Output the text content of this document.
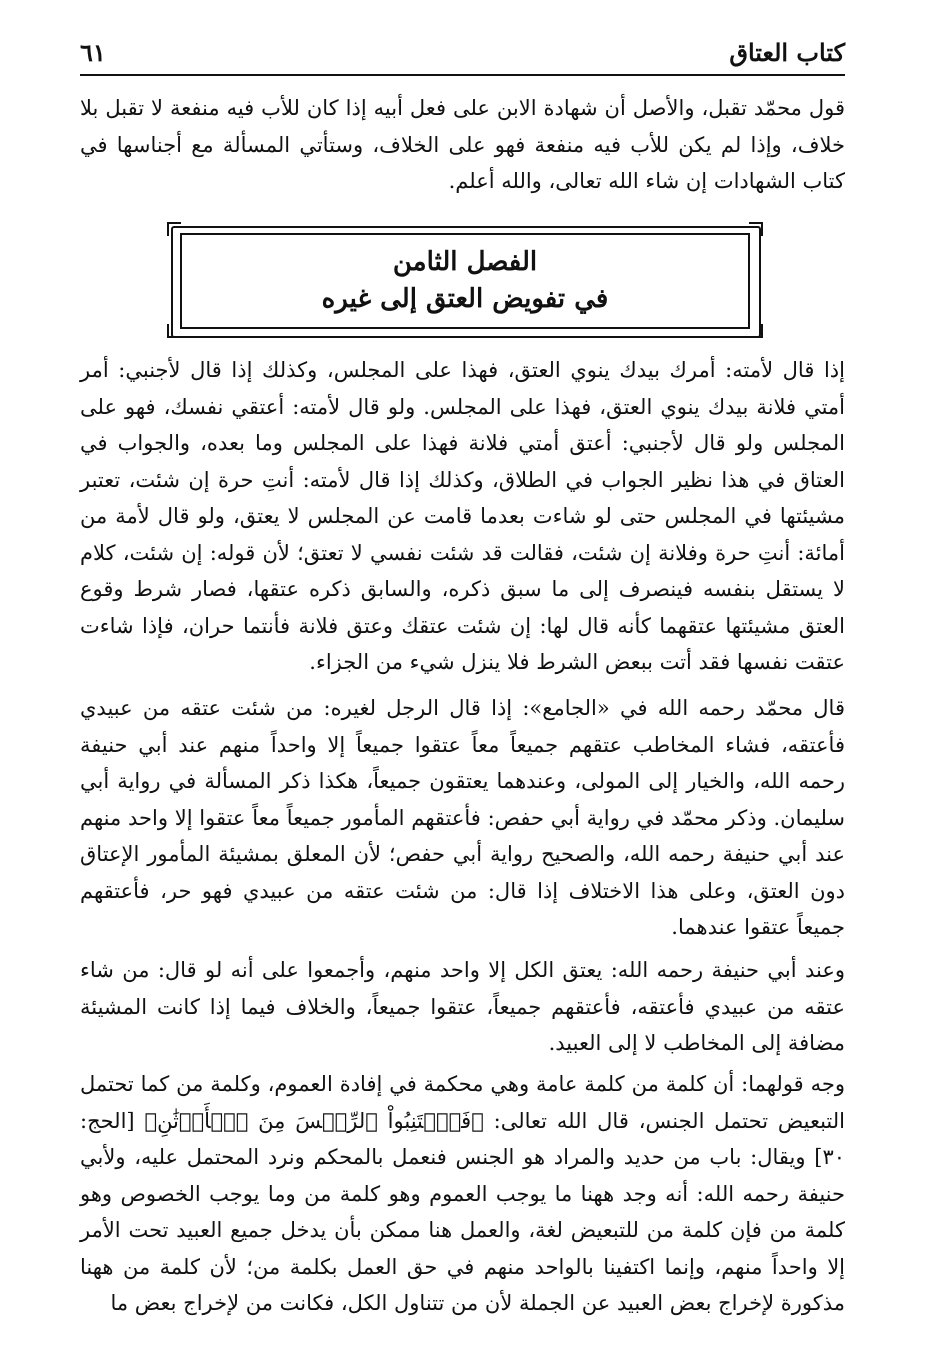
كتاب العتاق
٦١

قول محمّد تقبل، والأصل أن شهادة الابن على فعل أبيه إذا كان للأب فيه منفعة لا تقبل بلا خلاف، وإذا لم يكن للأب فيه منفعة فهو على الخلاف، وستأتي المسألة مع أجناسها في كتاب الشهادات إن شاء الله تعالى، والله أعلم.

الفصل الثامن
في تفويض العتق إلى غيره

إذا قال لأمته: أمرك بيدك ينوي العتق، فهذا على المجلس، وكذلك إذا قال لأجنبي: أمر أمتي فلانة بيدك ينوي العتق، فهذا على المجلس. ولو قال لأمته: أعتقي نفسك، فهو على المجلس ولو قال لأجنبي: أعتق أمتي فلانة فهذا على المجلس وما بعده، والجواب في العتاق في هذا نظير الجواب في الطلاق، وكذلك إذا قال لأمته: أنتِ حرة إن شئت، تعتبر مشيئتها في المجلس حتى لو شاءت بعدما قامت عن المجلس لا يعتق، ولو قال لأمة من أمائة: أنتِ حرة وفلانة إن شئت، فقالت قد شئت نفسي لا تعتق؛ لأن قوله: إن شئت، كلام لا يستقل بنفسه فينصرف إلى ما سبق ذكره، والسابق ذكره عتقها، فصار شرط وقوع العتق مشيئتها عتقهما كأنه قال لها: إن شئت عتقك وعتق فلانة فأنتما حران، فإذا شاءت عتقت نفسها فقد أتت ببعض الشرط فلا ينزل شيء من الجزاء.

قال محمّد رحمه الله في «الجامع»: إذا قال الرجل لغيره: من شئت عتقه من عبيدي فأعتقه، فشاء المخاطب عتقهم جميعاً معاً عتقوا جميعاً إلا واحداً منهم عند أبي حنيفة رحمه الله، والخيار إلى المولى، وعندهما يعتقون جميعاً، هكذا ذكر المسألة في رواية أبي سليمان. وذكر محمّد في رواية أبي حفص: فأعتقهم المأمور جميعاً معاً عتقوا إلا واحد منهم عند أبي حنيفة رحمه الله، والصحيح رواية أبي حفص؛ لأن المعلق بمشيئة المأمور الإعتاق دون العتق، وعلى هذا الاختلاف إذا قال: من شئت عتقه من عبيدي فهو حر، فأعتقهم جميعاً عتقوا عندهما.

وعند أبي حنيفة رحمه الله: يعتق الكل إلا واحد منهم، وأجمعوا على أنه لو قال: من شاء عتقه من عبيدي فأعتقه، فأعتقهم جميعاً، عتقوا جميعاً، والخلاف فيما إذا كانت المشيئة مضافة إلى المخاطب لا إلى العبيد.

وجه قولهما: أن كلمة من كلمة عامة وهي محكمة في إفادة العموم، وكلمة من كما تحتمل التبعيض تحتمل الجنس، قال الله تعالى: ﴿فَٱجۡتَنِبُواْ ٱلرِّجۡسَ مِنَ ٱلۡأَوۡثَٰنِ﴾ [الحج: ٣٠] ويقال: باب من حديد والمراد هو الجنس فنعمل بالمحكم ونرد المحتمل عليه، ولأبي حنيفة رحمه الله: أنه وجد ههنا ما يوجب العموم وهو كلمة من وما يوجب الخصوص وهو كلمة من فإن كلمة من للتبعيض لغة، والعمل هنا ممكن بأن يدخل جميع العبيد تحت الأمر إلا واحداً منهم، وإنما اكتفينا بالواحد منهم في حق العمل بكلمة من؛ لأن كلمة من ههنا مذكورة لإخراج بعض العبيد عن الجملة لأن من تتناول الكل، فكانت من لإخراج بعض ما
